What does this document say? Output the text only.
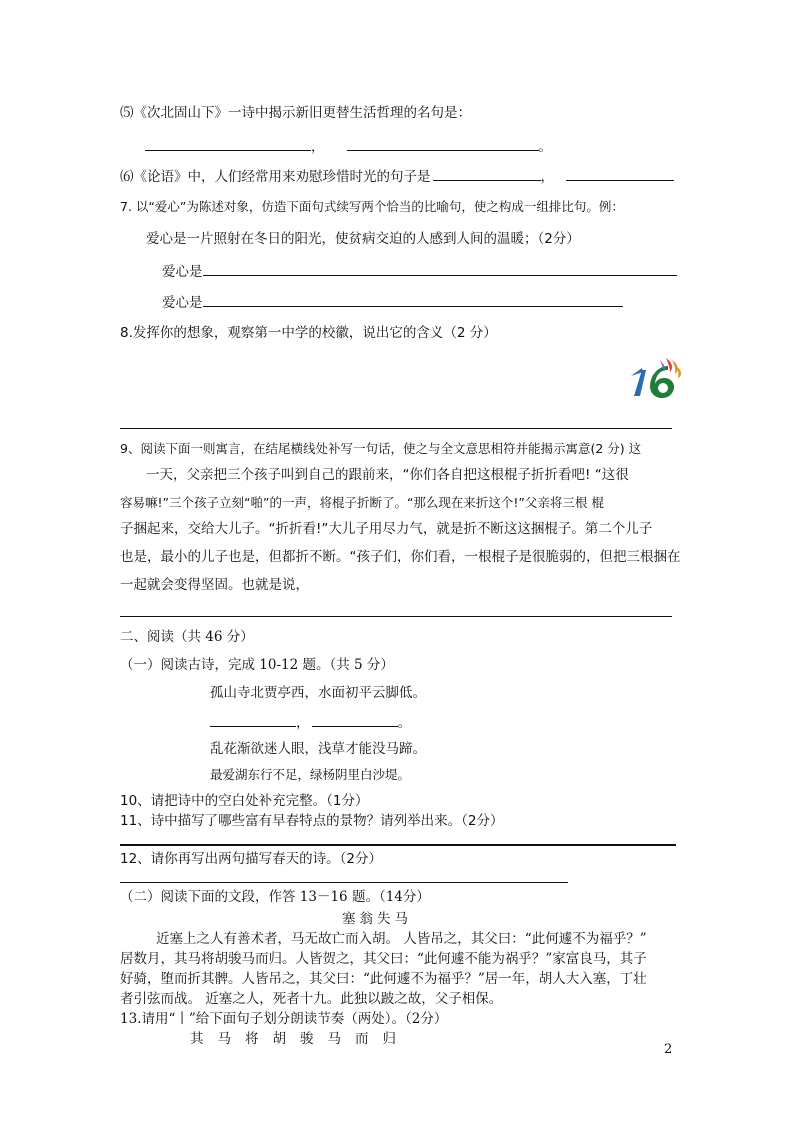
⑸《次北固山下》一诗中揭示新旧更替生活哲理的名句是：
，	。
⑹《论语》中，人们经常用来劝慰珍惜时光的句子是	，
7. 以“爱心”为陈述对象，仿造下面句式续写两个恰当的比喻句，使之构成一组排比句。例：
爱心是一片照射在冬日的阳光，使贫病交迫的人感到人间的温暖；（2分）
爱心是
爱心是
8.发挥你的想象，观察第一中学的校徽，说出它的含义（2 分）
9、阅读下面一则寓言，在结尾横线处补写一句话，使之与全文意思相符并能揭示寓意(2 分) 这
一天，父亲把三个孩子叫到自己的跟前来，“你们各自把这根棍子折折看吧! “这很
容易嘛!”三个孩子立刻“啪”的一声，将棍子折断了。“那么现在来折这个!”父亲将三根 棍
子捆起来，交给大儿子。“折折看!”大儿子用尽力气，就是折不断这这捆棍子。第二个儿子
也是，最小的儿子也是，但都折不断。“孩子们，你们看，一根棍子是很脆弱的，但把三根捆在
一起就会变得坚固。也就是说，
二、阅读（共 46 分）
（一）阅读古诗，完成 10-12 题。（共 5 分）
孤山寺北贾亭西，水面初平云脚低。
，	。
乱花渐欲迷人眼，浅草才能没马蹄。
最爱湖东行不足，绿杨阴里白沙堤。
10、请把诗中的空白处补充完整。（1分）
11、诗中描写了哪些富有早春特点的景物？请列举出来。（2分）
12、请你再写出两句描写春天的诗。（2分）
（二）阅读下面的文段，作答 13－16 题。（14分）
塞翁失马
近塞上之人有善术者，马无故亡而入胡。 人皆吊之，其父曰：“此何遽不为福乎？”
居数月，其马将胡骏马而归。人皆贺之，其父曰：“此何遽不能为祸乎？”家富良马，其子
好骑，堕而折其髀。人皆吊之，其父曰：“此何遽不为福乎？”居一年，胡人大入塞，丁壮
者引弦而战。 近塞之人，死者十九。此独以跛之故，父子相保。
13.请用“丨”给下面句子划分朗读节奏（两处）。（2分）
其马将胡骏马而归
2
